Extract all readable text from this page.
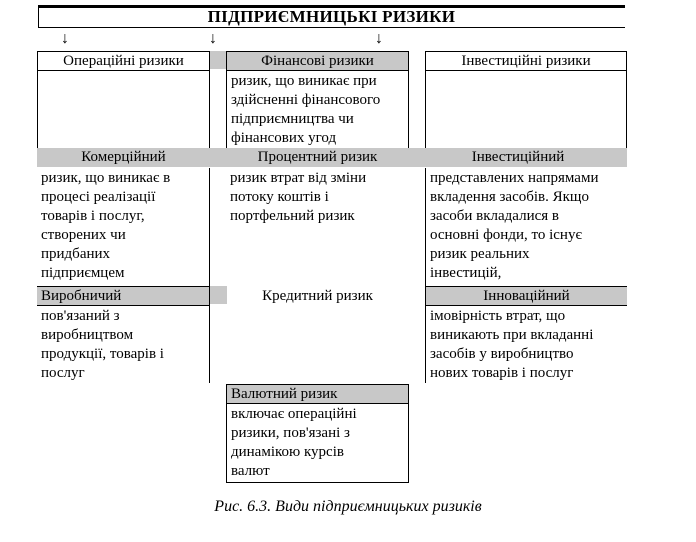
ПІДПРИЄМНИЦЬКІ РИЗИКИ
↓	↓	↓
Операційні ризики	Фінансові ризики
ризик, що виникає при
здійсненні фінансового
підприємництва чи
фінансових угод
Інвестиційні ризики
Комерційний	Процентний ризик	Інвестиційний
ризик, що виникає в
процесі реалізації
товарів і послуг,
створених чи
придбаних
підприємцем
ризик втрат від зміни
потоку коштів і
портфельний ризик
представлених напрямами
вкладення засобів. Якщо
засоби вкладалися в
основні фонди, то існує
ризик реальних
інвестицій,
Виробничий
пов'язаний з
виробництвом
продукції, товарів і
послуг
Кредитний ризик	Інноваційний
імовірність втрат, що
виникають при вкладанні
засобів у виробництво
нових товарів і послуг
Валютний ризик
включає операційні
ризики, пов'язані з
динамікою курсів
валют
Рис. 6.3. Види підприємницьких ризиків
